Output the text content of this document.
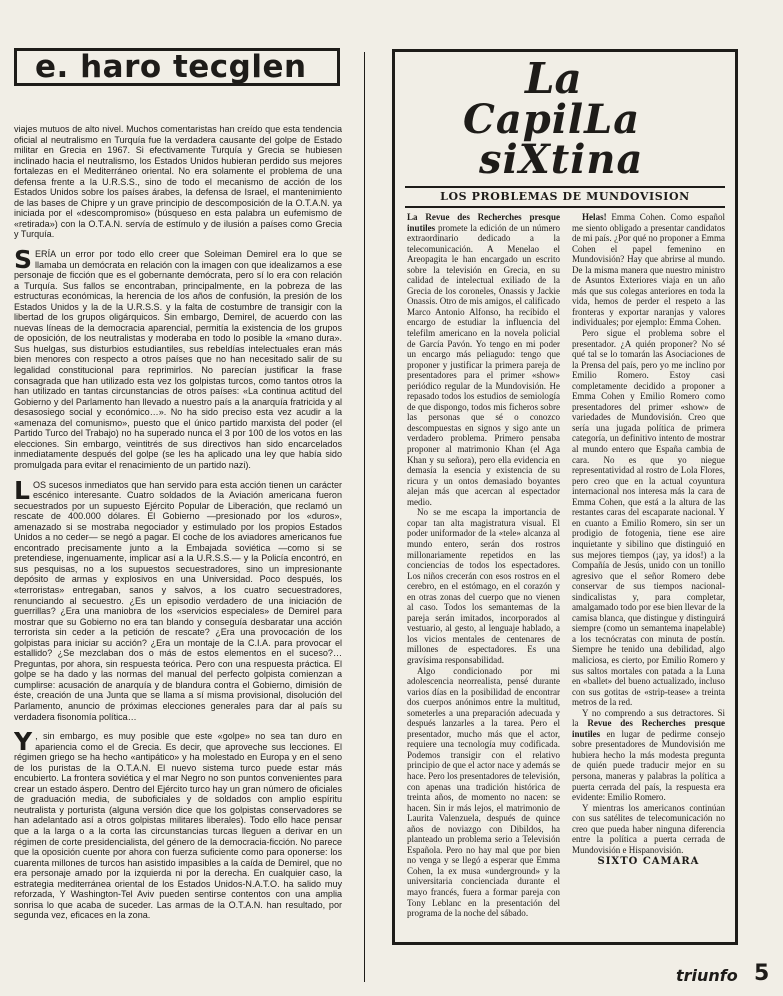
e. haro tecglen

viajes mutuos de alto nivel. Muchos comentaristas han creído que esta tendencia oficial al neutralismo en Turquía fue la verdadera causante del golpe de Estado militar en Grecia en 1967. Si efectivamente Turquía y Grecia se hubiesen inclinado hacia el neutralismo, los Estados Unidos hubieran perdido sus mejores fortalezas en el Mediterráneo oriental. No era solamente el problema de una defensa frente a la U.R.S.S., sino de todo el mecanismo de acción de los Estados Unidos sobre los países árabes, la defensa de Israel, el mantenimiento de las bases de Chipre y un grave principio de descomposición de la O.T.A.N. ya iniciada por el «descompromiso» (búsqueso en esta palabra un eufemismo de «retirada») con la O.T.A.N. servía de estímulo y de ilusión a países como Grecia y Turquía.

SERÍA un error por todo ello creer que Soleiman Demirel era lo que se llamaba un demócrata en relación con la imagen con que idealizamos a ese personaje de ficción que es el gobernante demócrata, pero sí lo era con relación a Turquía. Sus fallos se encontraban, principalmente, en la pobreza de las estructuras económicas, la herencia de los años de confusión, la presión de los Estados Unidos y la de la U.R.S.S. y la falta de costumbre de transigir con la libertad de los grupos oligárquicos. Sin embargo, Demirel, de acuerdo con las nuevas líneas de la democracia aparencial, permitía la existencia de los grupos de oposición, de los neutralistas y moderaba en todo lo posible la «mano dura». Sus huelgas, sus disturbios estudiantiles, sus rebeldías intelectuales eran más bien menores con respecto a otros países que no han necesitado salir de su legalidad constitucional para reprimirlos. No parecían justificar la frase consagrada que han utilizado esta vez los golpistas turcos, como tantos otros la han utilizado en tantas circunstancias de otros países: «La continua actitud del Gobierno y del Parlamento han llevado a nuestro país a la anarquía fratricida y al desasosiego social y económico…». No ha sido preciso esta vez acudir a la «amenaza del comunismo», puesto que el único partido marxista del poder (el Partido Turco del Trabajo) no ha superado nunca el 3 por 100 de los votos en las elecciones. Sin embargo, veintitrés de sus directivos han sido encarcelados inmediatamente después del golpe (se les ha aplicado una ley que había sido promulgada para evitar el renacimiento de un partido nazi).

LOS sucesos inmediatos que han servido para esta acción tienen un carácter escénico interesante. Cuatro soldados de la Aviación americana fueron secuestrados por un supuesto Ejército Popular de Liberación, que reclamó un rescate de 400.000 dólares. El Gobierno —presionado por los «duros», amenazado si se mostraba negociador y estimulado por los propios Estados Unidos a no ceder— se negó a pagar. El coche de los aviadores americanos fue encontrado precisamente junto a la Embajada soviética —como si se pretendiese, ingenuamente, implicar así a la U.R.S.S.— y la Policía encontró, en sus pesquisas, no a los supuestos secuestradores, sino un impresionante depósito de armas y explosivos en una Universidad. Poco después, los «terroristas» entregaban, sanos y salvos, a los cuatro secuestradores, renunciando al secuestro. ¿Es un episodio verdadero de una iniciación de guerrillas? ¿Era una maniobra de los «servicios especiales» de Demirel para mostrar que su Gobierno no era tan blando y conseguía desbaratar una acción terrorista sin ceder a la petición de rescate? ¿Era una provocación de los golpistas para iniciar su acción? ¿Era un montaje de la C.I.A. para provocar el estallido? ¿Se mezclaban dos o más de estos elementos en el suceso?… Preguntas, por ahora, sin respuesta teórica. Pero con una respuesta práctica. El golpe se ha dado y las normas del manual del perfecto golpista comienzan a cumplirse: acusación de anarquía y de blandura contra el Gobierno, dimisión de éste, creación de una Junta que se llama a sí misma provisional, disolución del Parlamento, anuncio de próximas elecciones generales para dar al país su verdadera fisonomía política…

Y , sin embargo, es muy posible que este «golpe» no sea tan duro en apariencia como el de Grecia. Es decir, que aproveche sus lecciones. El régimen griego se ha hecho «antipático» y ha molestado en Europa y en el seno de los puristas de la O.T.A.N. El nuevo sistema turco puede estar más encubierto. La frontera soviética y el mar Negro no son puntos convenientes para crear un estado áspero. Dentro del Ejército turco hay un gran número de oficiales de graduación media, de suboficiales y de soldados con amplio espíritu neutralista y porturista (alguna versión dice que los golpistas conservadores se han adelantado así a otros golpistas militares liberales). Todo ello hace pensar que a la larga o a la corta las circunstancias turcas lleguen a derivar en un régimen de corte presidencialista, del género de la democracia-ficción. No parece que la oposición cuente por ahora con fuerza suficiente como para oponerse: los cuarenta millones de turcos han asistido impasibles a la caída de Demirel, que no era personaje amado por la izquierda ni por la derecha. En cualquier caso, la estrategia mediterránea oriental de los Estados Unidos-N.A.T.O. ha salido muy reforzada, Y Washington-Tel Aviv pueden sentirse contentos con una amplia sonrisa lo que acaba de suceder. Las armas de la O.T.A.N. han resultado, por segunda vez, eficaces en la zona.

La
CapilLa
siXtina
LOS PROBLEMAS DE MUNDOVISION

La Revue des Recherches presque inutiles promete la edición de un número extraordinario dedicado a la telecomunicación. A Menelao el Areopagita le han encargado un escrito sobre la televisión en Grecia, en su calidad de intelectual exiliado de la Grecia de los coroneles, Onassis y Jackie Onassis. Otro de mis amigos, el calificado Marco Antonio Alfonso, ha recibido el encargo de estudiar la influencia del telefilm americano en la novela policial de García Pavón. Yo tengo en mi poder un encargo más peliagudo: tengo que proponer y justificar la primera pareja de presentadores para el primer «show» periódico regular de la Mundovisión. He repasado todos los estudios de semiología de que dispongo, todos mis ficheros sobre las personas que sé o conozco descompuestas en signos y sigo ante un verdadero problema. Primero pensaba proponer al matrimonio Khan (el Aga Khan y su señora), pero ella evidencia en demasía la esencia y existencia de su ricura y un ontos demasiado boyantes alejan más que acercan al espectador medio.

No se me escapa la importancia de copar tan alta magistratura visual. El poder uniformador de la «tele» alcanza al mundo entero, serán dos rostros millonariamente repetidos en las conciencias de todos los espectadores. Los niños crecerán con esos rostros en el cerebro, en el estómago, en el corazón y en otras zonas del cuerpo que no vienen al caso. Todos los semantemas de la pareja serán imitados, incorporados al vestuario, al gesto, al lenguaje hablado, a los vicios mentales de centenares de millones de espectadores. Es una gravísima responsabilidad.

Algo condicionado por mi adolescencia neorrealista, pensé durante varios días en la posibilidad de encontrar dos cuerpos anónimos entre la multitud, someterles a una preparación adecuada y después lanzarles a la tarea. Pero el presentador, mucho más que el actor, requiere una tecnología muy codificada. Podemos transigir con el relativo principio de que el actor nace y además se hace. Pero los presentadores de televisión, con apenas una tradición histórica de treinta años, de momento no nacen: se hacen. Sin ir más lejos, el matrimonio de Laurita Valenzuela, después de quince años de noviazgo con Dibildos, ha planteado un problema serio a Televisión Española. Pero no hay mal que por bien no venga y se llegó a esperar que Emma Cohen, la ex musa «underground» y la universitaria concienciada durante el mayo francés, fuera a formar pareja con Tony Leblanc en la presentación del programa de la noche del sábado.

Helas! Emma Cohen. Como español me siento obligado a presentar candidatos de mi país. ¿Por qué no proponer a Emma Cohen el papel femenino en Mundovisión? Hay que abrirse al mundo. De la misma manera que nuestro ministro de Asuntos Exteriores viaja en un año más que sus colegas anteriores en toda la vida, hemos de perder el respeto a las fronteras y exportar naranjas y valores individuales; por ejemplo: Emma Cohen.

Pero sigue el problema sobre el presentador. ¿A quién proponer? No sé qué tal se lo tomarán las Asociaciones de la Prensa del país, pero yo me inclino por Emilio Romero. Estoy casi completamente decidido a proponer a Emma Cohen y Emilio Romero como presentadores del primer «show» de variedades de Mundovisión. Creo que sería una jugada política de primera categoría, un definitivo intento de mostrar al mundo entero que España cambia de cara. No es que yo niegue representatividad al rostro de Lola Flores, pero creo que en la actual coyuntura internacional nos interesa más la cara de Emma Cohen, que está a la altura de las restantes caras del escaparate nacional. Y en cuanto a Emilio Romero, sin ser un prodigio de fotogenia, tiene ese aire inquietante y sibilino que distinguió en sus mejores tiempos (¡ay, ya idos!) a la Compañía de Jesús, unido con un tonillo agresivo que el señor Romero debe conservar de sus tiempos nacional-sindicalistas y, para completar, amalgamado todo por ese bien llevar de la camisa blanca, que distingue y distinguirá siempre (como un semantema inapelable) a los tecnócratas con minuta de postín. Siempre he tenido una debilidad, algo maliciosa, es cierto, por Emilio Romero y sus saltos mortales con patada a la Luna en «ballet» del bueno actualizado, incluso con sus gotitas de «strip-tease» a treinta metros de la red.

Y no comprendo a sus detractores. Si la Revue des Recherches presque inutiles en lugar de pedirme consejo sobre presentadores de Mundovisión me hubiera hecho la más modesta pregunta de quién puede traducir mejor en su persona, maneras y palabras la política a puerta cerrada del país, la respuesta era evidente: Emilio Romero.

Y mientras los americanos continúan con sus satélites de telecomunicación no creo que pueda haber ninguna diferencia entre la política a puerta cerrada de Mundovisión e Hispanovisión.

SIXTO CAMARA

triunfo 5
